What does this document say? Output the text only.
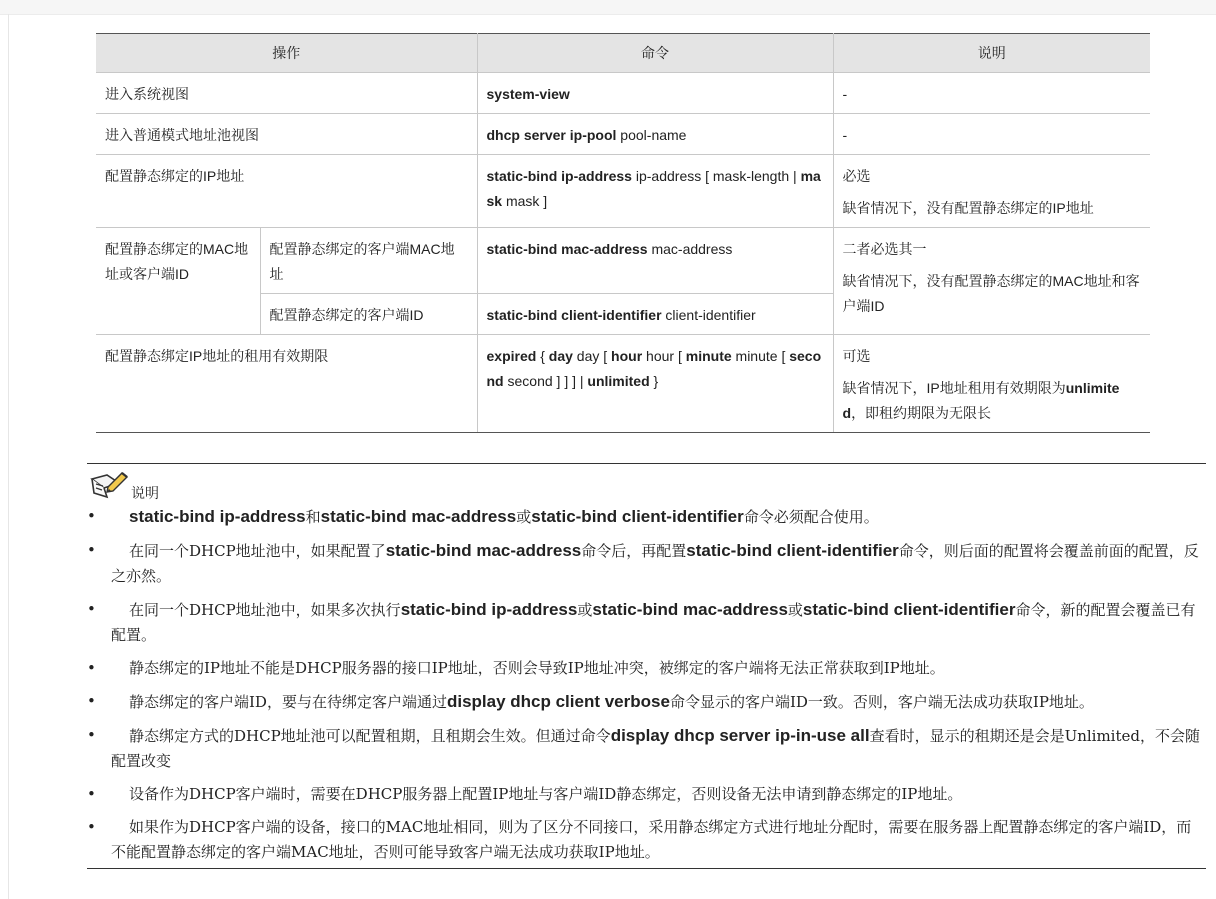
操作		命令	说明
进入系统视图		system-view	-
进入普通模式地址池视图		dhcp server ip-pool pool-name	-
配置静态绑定的IP地址		static-bind ip-address ip-address [ mask-length | mask mask ]	必选
缺省情况下，没有配置静态绑定的IP地址

配置静态绑定的MAC地址或客户端ID	配置静态绑定的客户端MAC地址	static-bind mac-address mac-address	二者必选其一
缺省情况下，没有配置静态绑定的MAC地址和客户端ID

	配置静态绑定的客户端ID	static-bind client-identifier client-identifier	
配置静态绑定IP地址的租用有效期限		expired { day day [ hour hour [ minute minute [ second second ] ] ] | unlimited }	可选
缺省情况下，IP地址租用有效期限为unlimited，即租约期限为无限长
说明
• static-bind ip-address和static-bind mac-address或static-bind client-identifier命令必须配合使用。
• 在同一个DHCP地址池中，如果配置了static-bind mac-address命令后，再配置static-bind client-identifier命令，则后面的配置将会覆盖前面的配置，反之亦然。
• 在同一个DHCP地址池中，如果多次执行static-bind ip-address或static-bind mac-address或static-bind client-identifier命令，新的配置会覆盖已有配置。
• 静态绑定的IP地址不能是DHCP服务器的接口IP地址，否则会导致IP地址冲突，被绑定的客户端将无法正常获取到IP地址。
• 静态绑定的客户端ID，要与在待绑定客户端通过display dhcp client verbose命令显示的客户端ID一致。否则，客户端无法成功获取IP地址。
• 静态绑定方式的DHCP地址池可以配置租期，且租期会生效。但通过命令display dhcp server ip-in-use all查看时，显示的租期还是会是Unlimited，不会随配置改变
• 设备作为DHCP客户端时，需要在DHCP服务器上配置IP地址与客户端ID静态绑定，否则设备无法申请到静态绑定的IP地址。
• 如果作为DHCP客户端的设备，接口的MAC地址相同，则为了区分不同接口，采用静态绑定方式进行地址分配时，需要在服务器上配置静态绑定的客户端ID，而不能配置静态绑定的客户端MAC地址，否则可能导致客户端无法成功获取IP地址。
